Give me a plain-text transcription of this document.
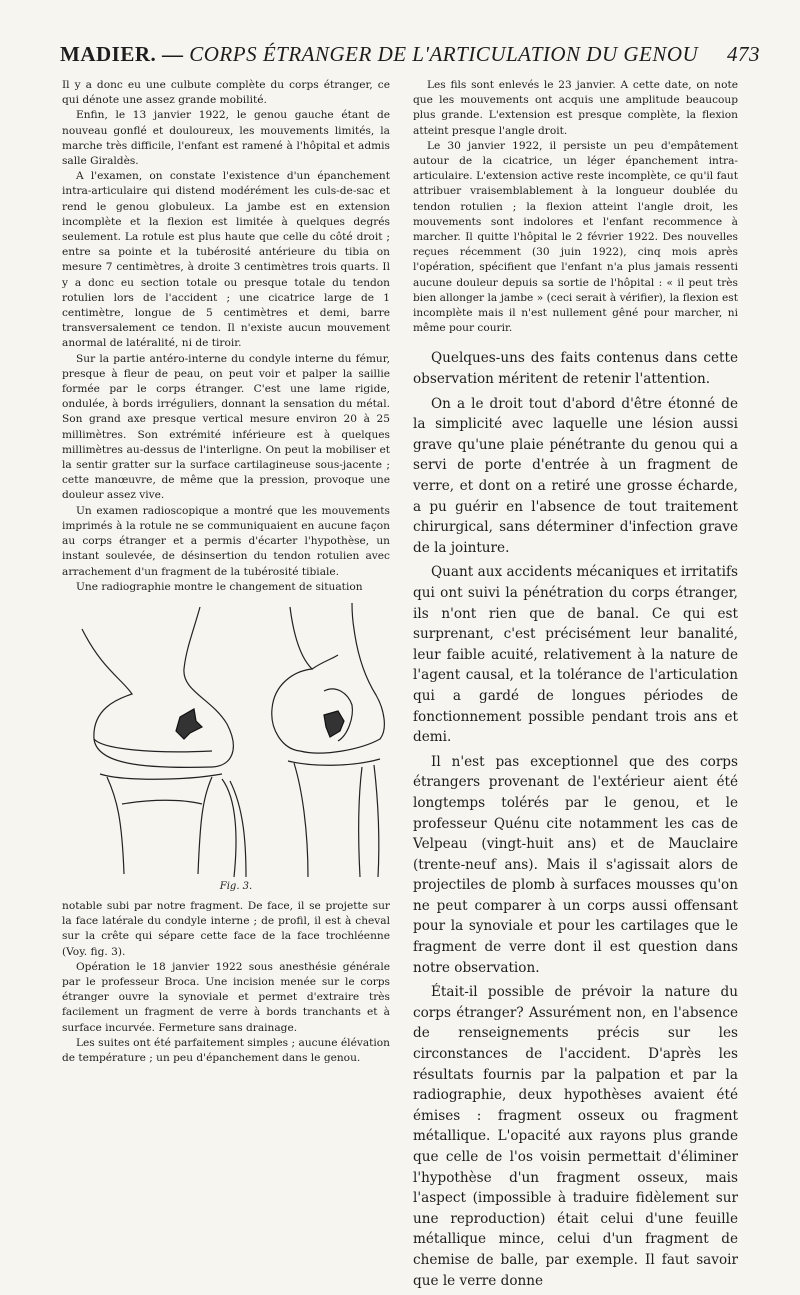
MADIER. — CORPS ÉTRANGER DE L'ARTICULATION DU GENOU 473

Il y a donc eu une culbute complète du corps étranger, ce qui dénote une assez grande mobilité.

Enfin, le 13 janvier 1922, le genou gauche étant de nouveau gonflé et douloureux, les mouvements limités, la marche très difficile, l'enfant est ramené à l'hôpital et admis salle Giraldès.

A l'examen, on constate l'existence d'un épanchement intra-articulaire qui distend modérément les culs-de-sac et rend le genou globuleux. La jambe est en extension incomplète et la flexion est limitée à quelques degrés seulement. La rotule est plus haute que celle du côté droit ; entre sa pointe et la tubérosité antérieure du tibia on mesure 7 centimètres, à droite 3 centimètres trois quarts. Il y a donc eu section totale ou presque totale du tendon rotulien lors de l'accident ; une cicatrice large de 1 centimètre, longue de 5 centimètres et demi, barre transversalement ce tendon. Il n'existe aucun mouvement anormal de latéralité, ni de tiroir.

Sur la partie antéro-interne du condyle interne du fémur, presque à fleur de peau, on peut voir et palper la saillie formée par le corps étranger. C'est une lame rigide, ondulée, à bords irréguliers, donnant la sensation du métal. Son grand axe presque vertical mesure environ 20 à 25 millimètres. Son extrémité inférieure est à quelques millimètres au-dessus de l'interligne. On peut la mobiliser et la sentir gratter sur la surface cartilagineuse sous-jacente ; cette manœuvre, de même que la pression, provoque une douleur assez vive.

Un examen radioscopique a montré que les mouvements imprimés à la rotule ne se communiquaient en aucune façon au corps étranger et a permis d'écarter l'hypothèse, un instant soulevée, de désinsertion du tendon rotulien avec arrachement d'un fragment de la tubérosité tibiale.

Une radiographie montre le changement de situation

Fig. 3.

notable subi par notre fragment. De face, il se projette sur la face latérale du condyle interne ; de profil, il est à cheval sur la crête qui sépare cette face de la face trochléenne (Voy. fig. 3).

Opération le 18 janvier 1922 sous anesthésie générale par le professeur Broca. Une incision menée sur le corps étranger ouvre la synoviale et permet d'extraire très facilement un fragment de verre à bords tranchants et à surface incurvée. Fermeture sans drainage.

Les suites ont été parfaitement simples ; aucune élévation de température ; un peu d'épanchement dans le genou.

Les fils sont enlevés le 23 janvier. A cette date, on note que les mouvements ont acquis une amplitude beaucoup plus grande. L'extension est presque complète, la flexion atteint presque l'angle droit.

Le 30 janvier 1922, il persiste un peu d'empâtement autour de la cicatrice, un léger épanchement intra-articulaire. L'extension active reste incomplète, ce qu'il faut attribuer vraisemblablement à la longueur doublée du tendon rotulien ; la flexion atteint l'angle droit, les mouvements sont indolores et l'enfant recommence à marcher. Il quitte l'hôpital le 2 février 1922. Des nouvelles reçues récemment (30 juin 1922), cinq mois après l'opération, spécifient que l'enfant n'a plus jamais ressenti aucune douleur depuis sa sortie de l'hôpital : « il peut très bien allonger la jambe » (ceci serait à vérifier), la flexion est incomplète mais il n'est nullement gêné pour marcher, ni même pour courir.

Quelques-uns des faits contenus dans cette observation méritent de retenir l'attention.

On a le droit tout d'abord d'être étonné de la simplicité avec laquelle une lésion aussi grave qu'une plaie pénétrante du genou qui a servi de porte d'entrée à un fragment de verre, et dont on a retiré une grosse écharde, a pu guérir en l'absence de tout traitement chirurgical, sans déterminer d'infection grave de la jointure.

Quant aux accidents mécaniques et irritatifs qui ont suivi la pénétration du corps étranger, ils n'ont rien que de banal. Ce qui est surprenant, c'est précisément leur banalité, leur faible acuité, relativement à la nature de l'agent causal, et la tolérance de l'articulation qui a gardé de longues périodes de fonctionnement possible pendant trois ans et demi.

Il n'est pas exceptionnel que des corps étrangers provenant de l'extérieur aient été longtemps tolérés par le genou, et le professeur Quénu cite notamment les cas de Velpeau (vingt-huit ans) et de Mauclaire (trente-neuf ans). Mais il s'agissait alors de projectiles de plomb à surfaces mousses qu'on ne peut comparer à un corps aussi offensant pour la synoviale et pour les cartilages que le fragment de verre dont il est question dans notre observation.

Était-il possible de prévoir la nature du corps étranger? Assurément non, en l'absence de renseignements précis sur les circonstances de l'accident. D'après les résultats fournis par la palpation et par la radiographie, deux hypothèses avaient été émises : fragment osseux ou fragment métallique. L'opacité aux rayons plus grande que celle de l'os voisin permettait d'éliminer l'hypothèse d'un fragment osseux, mais l'aspect (impossible à traduire fidèlement sur une reproduction) était celui d'une feuille métallique mince, celui d'un fragment de chemise de balle, par exemple. Il faut savoir que le verre donne
